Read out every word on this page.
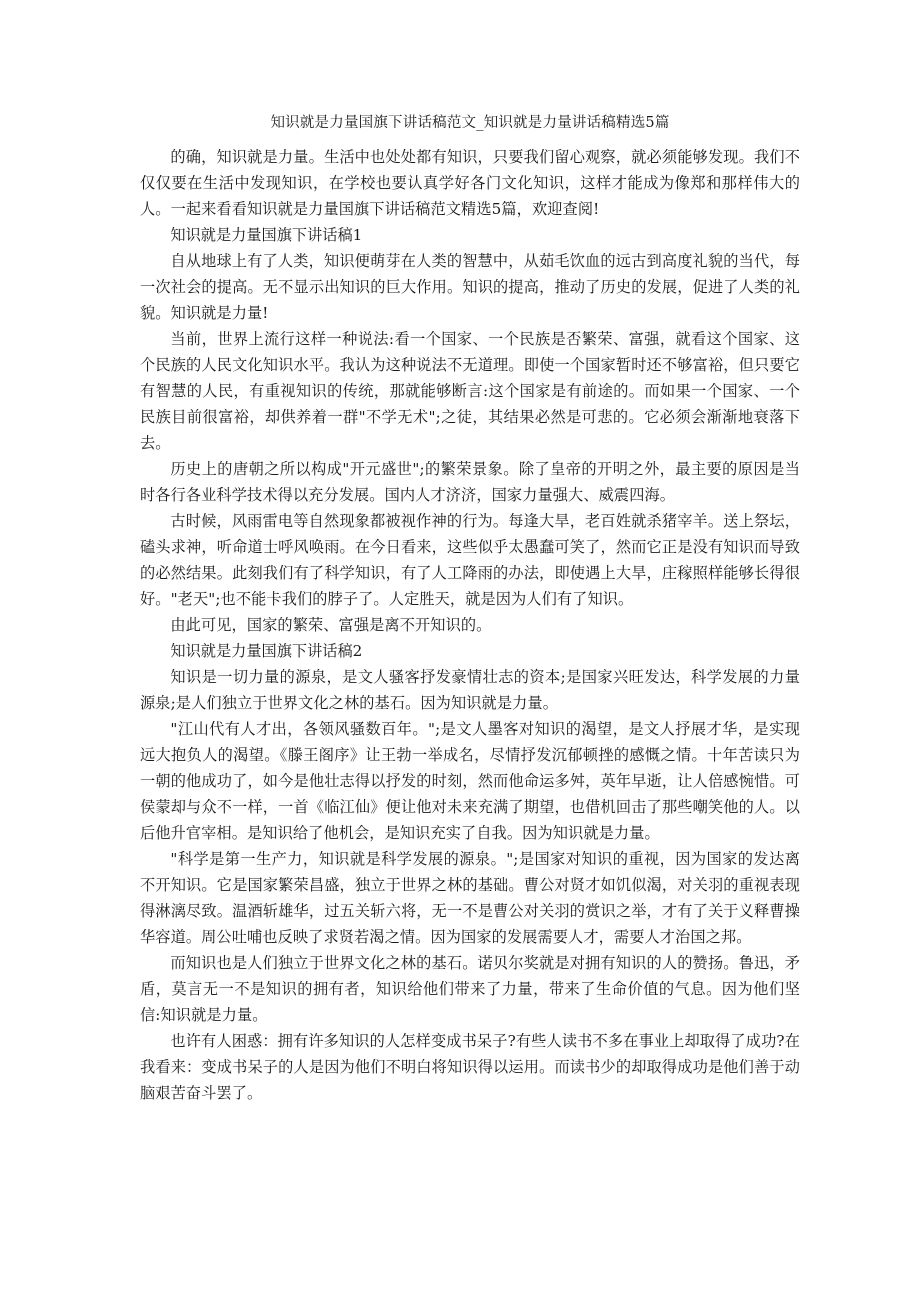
知识就是力量国旗下讲话稿范文_知识就是力量讲话稿精选5篇

的确，知识就是力量。生活中也处处都有知识，只要我们留心观察，就必须能够发现。我们不仅仅要在生活中发现知识，在学校也要认真学好各门文化知识，这样才能成为像郑和那样伟大的人。一起来看看知识就是力量国旗下讲话稿范文精选5篇，欢迎查阅!

知识就是力量国旗下讲话稿1

自从地球上有了人类，知识便萌芽在人类的智慧中，从茹毛饮血的远古到高度礼貌的当代，每一次社会的提高。无不显示出知识的巨大作用。知识的提高，推动了历史的发展，促进了人类的礼貌。知识就是力量!

当前，世界上流行这样一种说法:看一个国家、一个民族是否繁荣、富强，就看这个国家、这个民族的人民文化知识水平。我认为这种说法不无道理。即使一个国家暂时还不够富裕，但只要它有智慧的人民，有重视知识的传统，那就能够断言:这个国家是有前途的。而如果一个国家、一个民族目前很富裕，却供养着一群"不学无术";之徒，其结果必然是可悲的。它必须会渐渐地衰落下去。

历史上的唐朝之所以构成"开元盛世";的繁荣景象。除了皇帝的开明之外，最主要的原因是当时各行各业科学技术得以充分发展。国内人才济济，国家力量强大、威震四海。

古时候，风雨雷电等自然现象都被视作神的行为。每逢大旱，老百姓就杀猪宰羊。送上祭坛，磕头求神，听命道士呼风唤雨。在今日看来，这些似乎太愚蠢可笑了，然而它正是没有知识而导致的必然结果。此刻我们有了科学知识，有了人工降雨的办法，即使遇上大旱，庄稼照样能够长得很好。"老天";也不能卡我们的脖子了。人定胜天，就是因为人们有了知识。

由此可见，国家的繁荣、富强是离不开知识的。

知识就是力量国旗下讲话稿2

知识是一切力量的源泉，是文人骚客抒发豪情壮志的资本;是国家兴旺发达，科学发展的力量源泉;是人们独立于世界文化之林的基石。因为知识就是力量。

"江山代有人才出，各领风骚数百年。";是文人墨客对知识的渴望，是文人抒展才华，是实现远大抱负人的渴望。《滕王阁序》让王勃一举成名，尽情抒发沉郁顿挫的感慨之情。十年苦读只为一朝的他成功了，如今是他壮志得以抒发的时刻，然而他命运多舛，英年早逝，让人倍感惋惜。可侯蒙却与众不一样，一首《临江仙》便让他对未来充满了期望，也借机回击了那些嘲笑他的人。以后他升官宰相。是知识给了他机会，是知识充实了自我。因为知识就是力量。

"科学是第一生产力，知识就是科学发展的源泉。";是国家对知识的重视，因为国家的发达离不开知识。它是国家繁荣昌盛，独立于世界之林的基础。曹公对贤才如饥似渴，对关羽的重视表现得淋漓尽致。温酒斩雄华，过五关斩六将，无一不是曹公对关羽的赏识之举，才有了关于义释曹操华容道。周公吐哺也反映了求贤若渴之情。因为国家的发展需要人才，需要人才治国之邦。

而知识也是人们独立于世界文化之林的基石。诺贝尔奖就是对拥有知识的人的赞扬。鲁迅，矛盾，莫言无一不是知识的拥有者，知识给他们带来了力量，带来了生命价值的气息。因为他们坚信:知识就是力量。

也许有人困惑：拥有许多知识的人怎样变成书呆子?有些人读书不多在事业上却取得了成功?在我看来：变成书呆子的人是因为他们不明白将知识得以运用。而读书少的却取得成功是他们善于动脑艰苦奋斗罢了。
